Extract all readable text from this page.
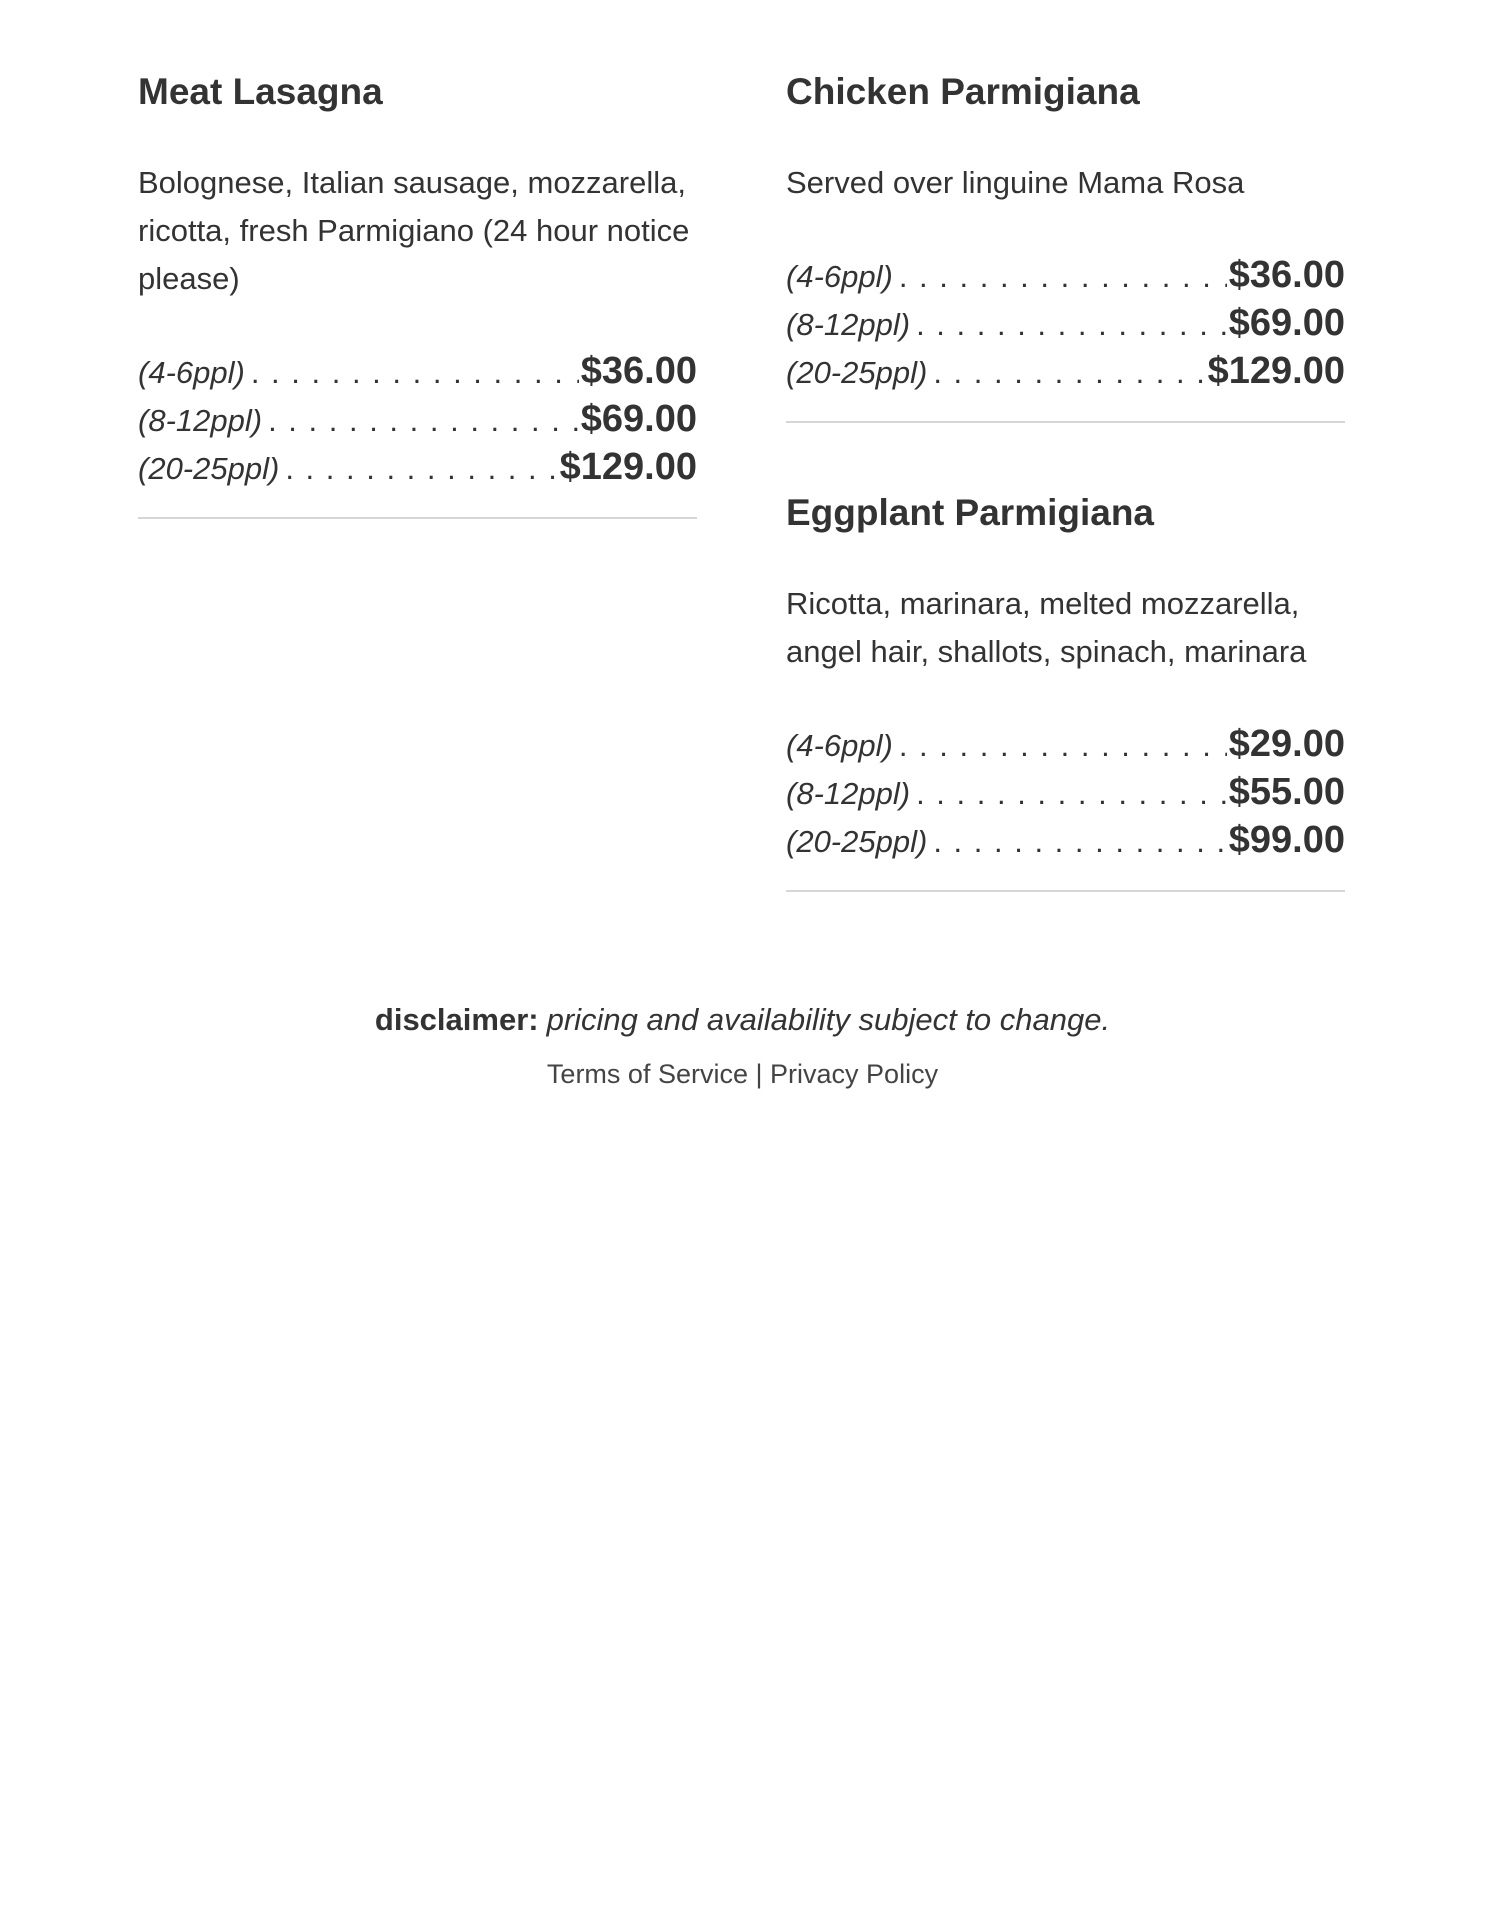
Meat Lasagna

Bolognese, Italian sausage, mozzarella, ricotta, fresh Parmigiano (24 hour notice please)

(4-6ppl) . . .	$36.00
(8-12ppl) . . .	$69.00
(20-25ppl) . . .	$129.00
Chicken Parmigiana

Served over linguine Mama Rosa

(4-6ppl) . . .	$36.00
(8-12ppl) . . .	$69.00
(20-25ppl) . . .	$129.00
Eggplant Parmigiana

Ricotta, marinara, melted mozzarella, angel hair, shallots, spinach, marinara

(4-6ppl) . . .	$29.00
(8-12ppl) . . .	$55.00
(20-25ppl) . . .	$99.00
disclaimer: pricing and availability subject to change.
Terms of Service | Privacy Policy
